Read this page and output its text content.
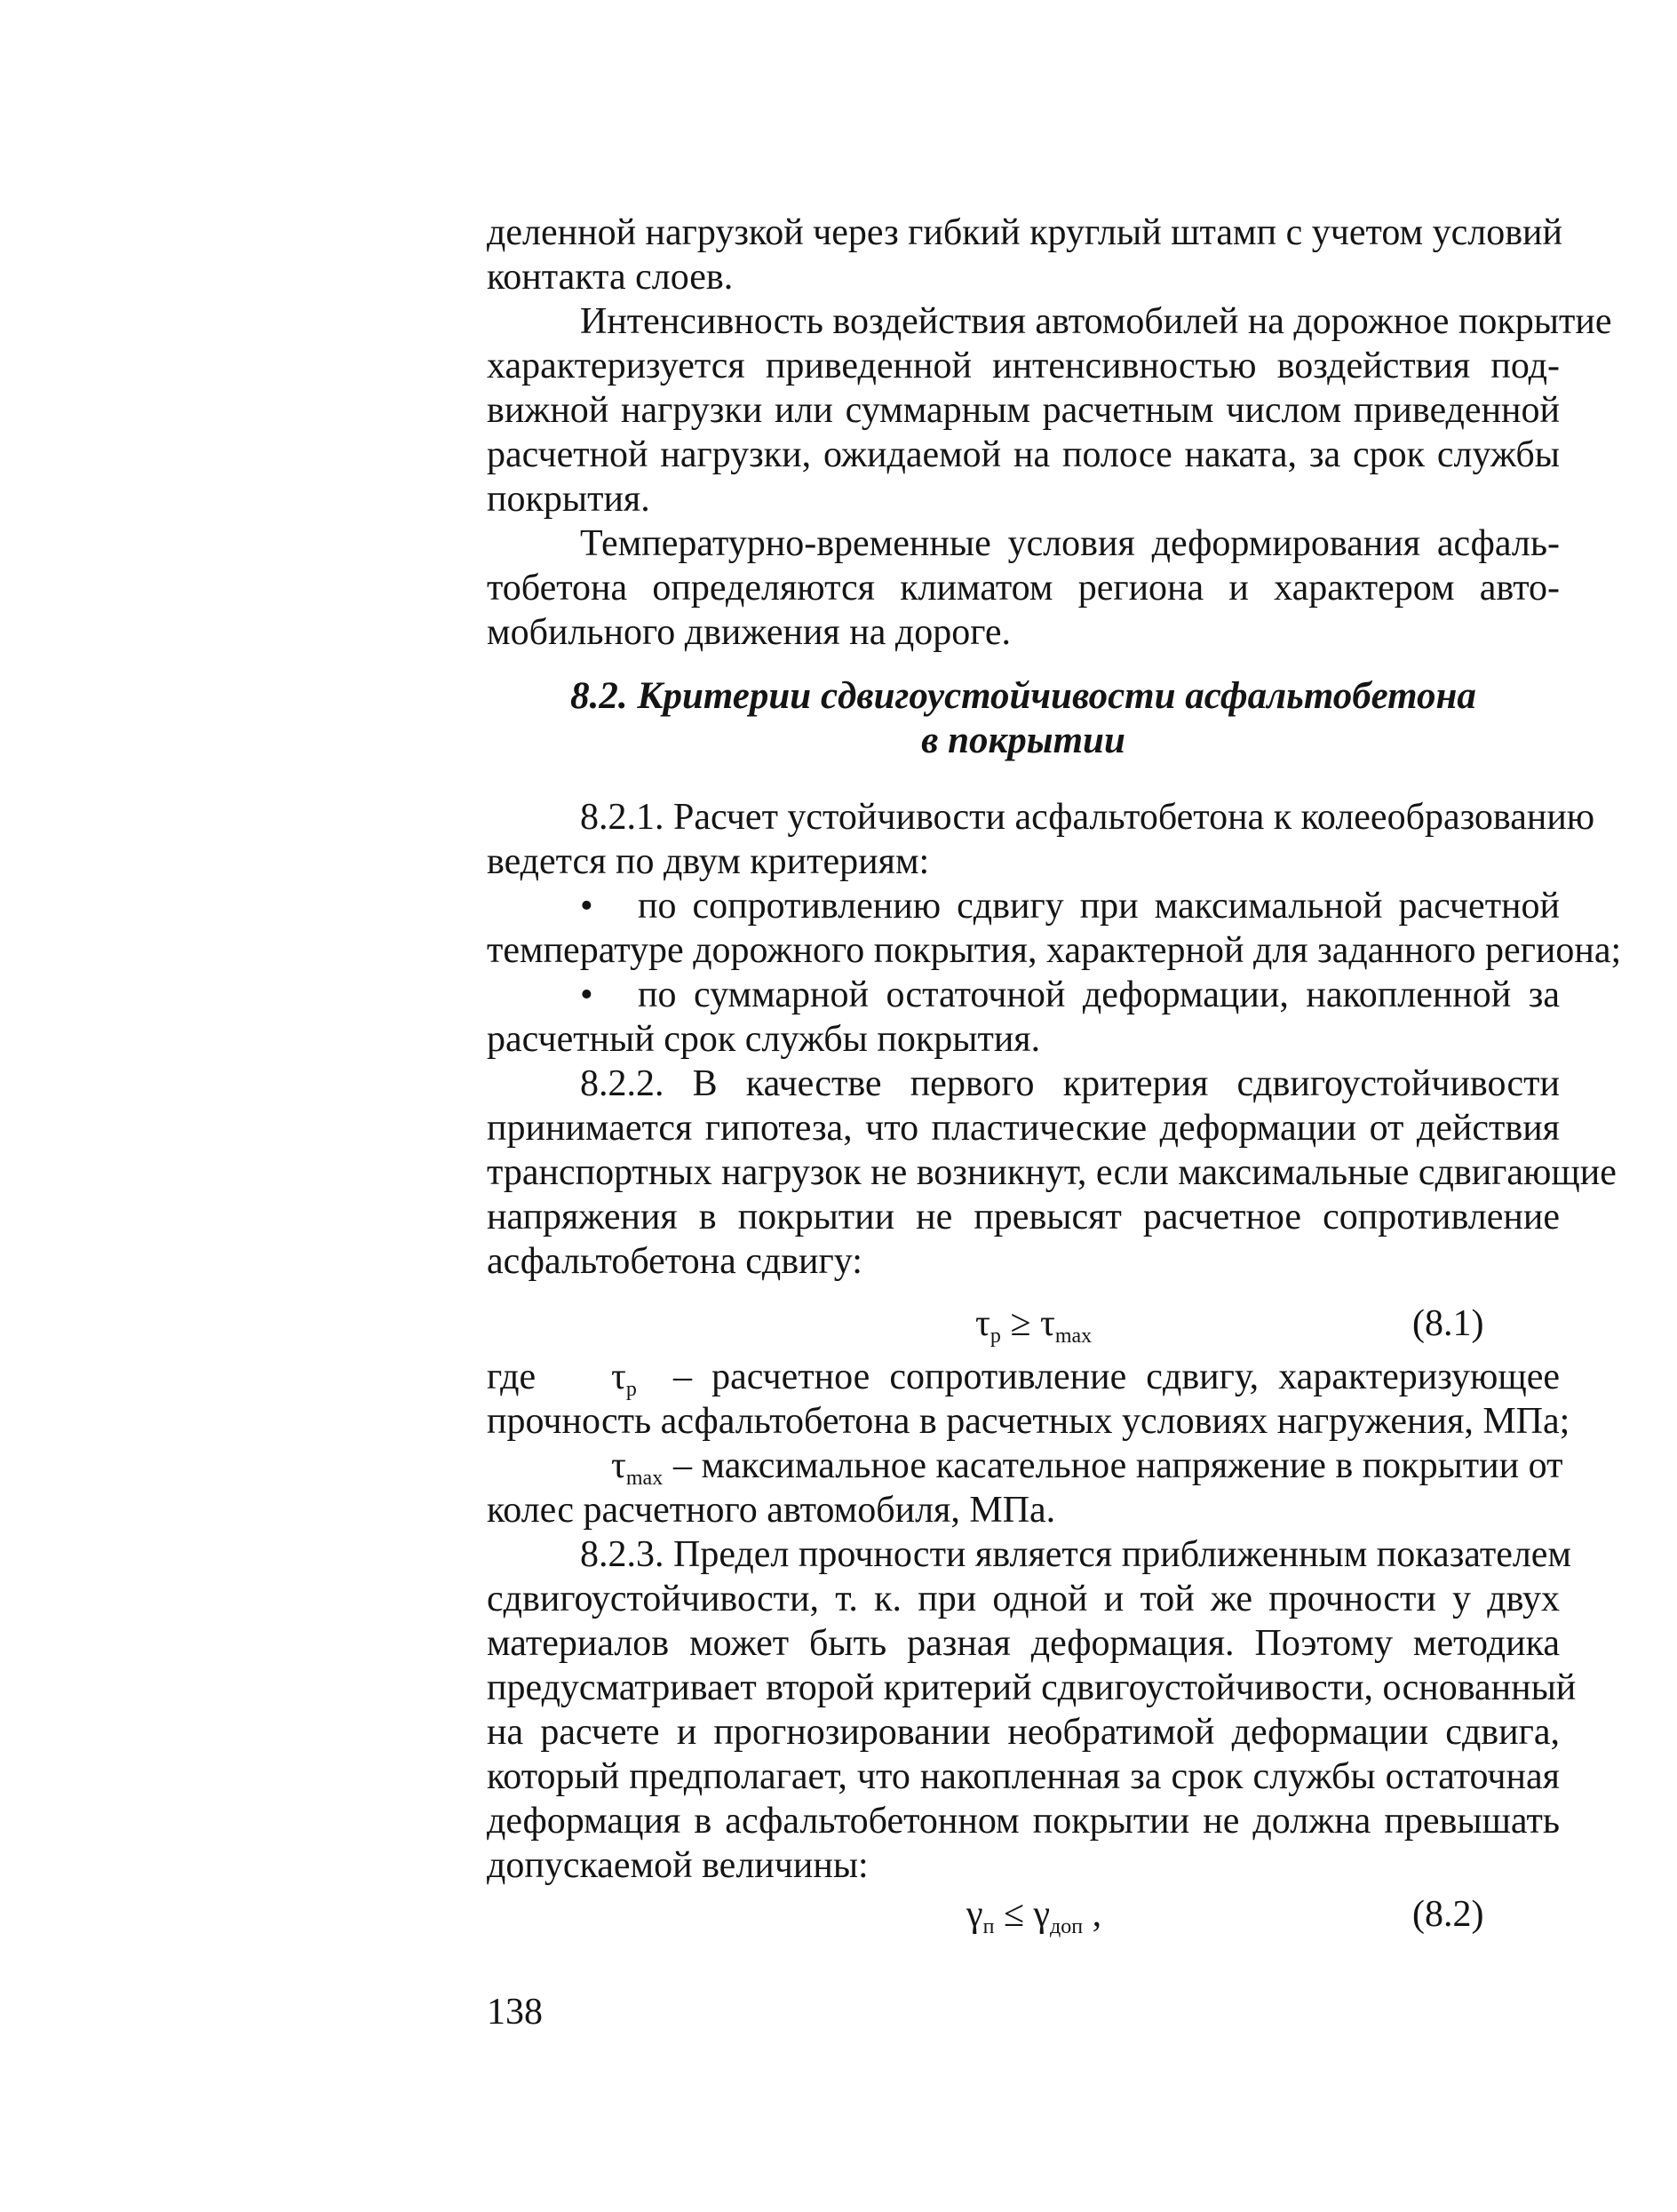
деленной нагрузкой через гибкий круглый штамп с учетом условий
контакта слоев.
Интенсивность воздействия автомобилей на дорожное покрытие
характеризуется приведенной интенсивностью воздействия под-
вижной нагрузки или суммарным расчетным числом приведенной
расчетной нагрузки, ожидаемой на полосе наката, за срок службы
покрытия.
Температурно-временные условия деформирования асфаль-
тобетона определяются климатом региона и характером авто-
мобильного движения на дороге.
8.2. Критерии сдвигоустойчивости асфальтобетона
в покрытии
8.2.1. Расчет устойчивости асфальтобетона к колееобразованию
ведется по двум критериям:
• по сопротивлению сдвигу при максимальной расчетной
температуре дорожного покрытия, характерной для заданного региона;
• по суммарной остаточной деформации, накопленной за
расчетный срок службы покрытия.
8.2.2. В качестве первого критерия сдвигоустойчивости
принимается гипотеза, что пластические деформации от действия
транспортных нагрузок не возникнут, если максимальные сдвигающие
напряжения в покрытии не превысят расчетное сопротивление
асфальтобетона сдвигу:
$\tau_p \ge \tau_{max}$	(8.1)
где $\tau_p$ – расчетное сопротивление сдвигу, характеризующее
прочность асфальтобетона в расчетных условиях нагружения, МПа;
$\tau_{max}$ – максимальное касательное напряжение в покрытии от
колес расчетного автомобиля, МПа.
8.2.3. Предел прочности является приближенным показателем
сдвигоустойчивости, т. к. при одной и той же прочности у двух
материалов может быть разная деформация. Поэтому методика
предусматривает второй критерий сдвигоустойчивости, основанный
на расчете и прогнозировании необратимой деформации сдвига,
который предполагает, что накопленная за срок службы остаточная
деформация в асфальтобетонном покрытии не должна превышать
допускаемой величины:
$\gamma_п \le \gamma_{доп}$ ,	(8.2)
138
